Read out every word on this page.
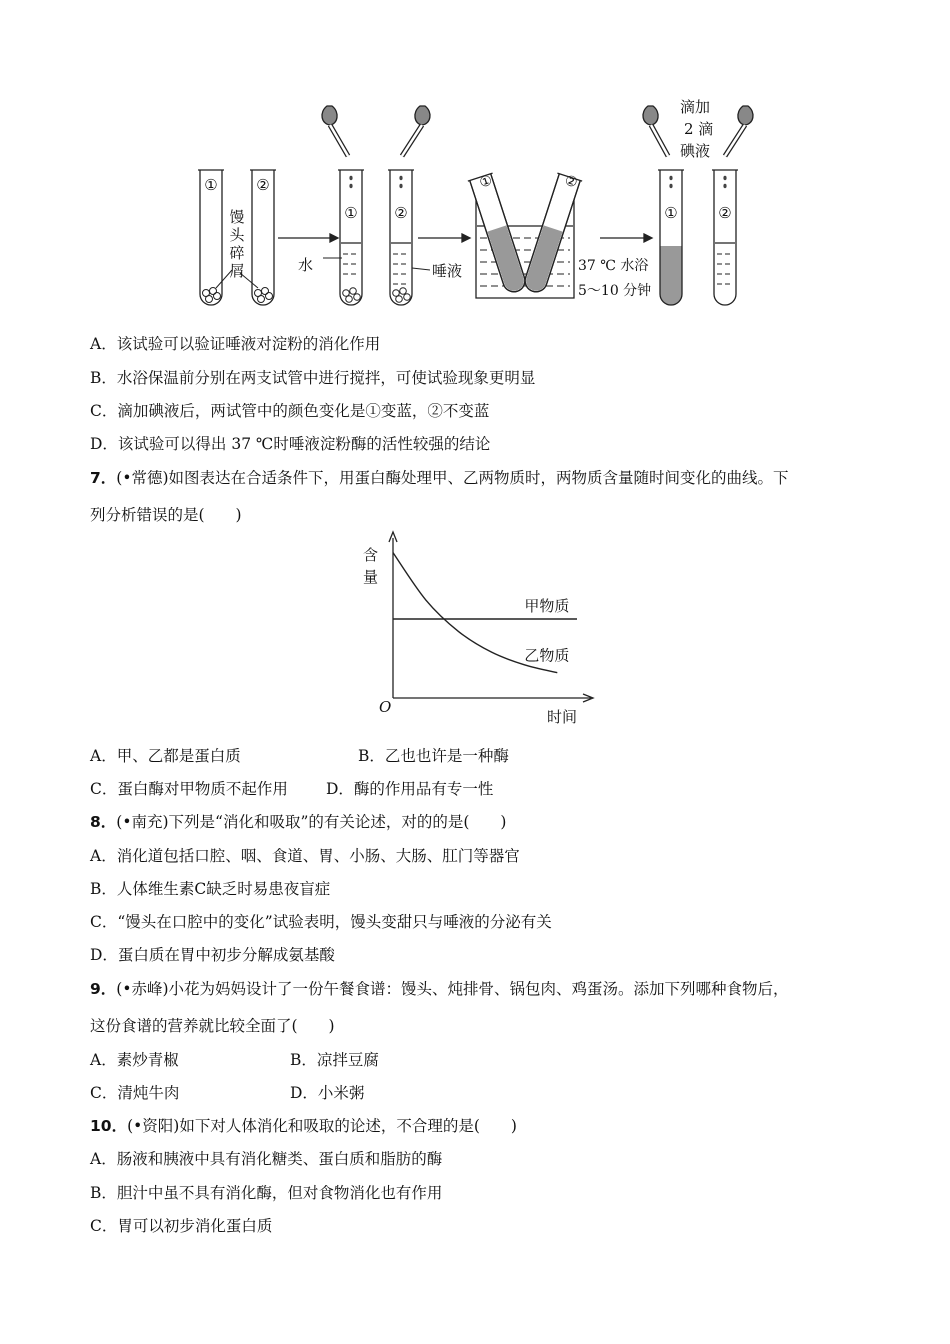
①	②
馒
头
碎
屑
① ②
水	唾液
①	②
37 ℃ 水浴
5～10 分钟
①	②
滴加
2 滴
碘液
A．该试验可以验证唾液对淀粉的消化作用
B．水浴保温前分别在两支试管中进行搅拌，可使试验现象更明显
C．滴加碘液后，两试管中的颜色变化是①变蓝，②不变蓝
D．该试验可以得出 37 ℃时唾液淀粉酶的活性较强的结论
7．(•常德)如图表达在合适条件下，用蛋白酶处理甲、乙两物质时，两物质含量随时间变化的曲线。下
列分析错误的是(　　)
含
量
时间
O
甲物质
乙物质
A．甲、乙都是蛋白质	B．乙也也许是一种酶
C．蛋白酶对甲物质不起作用 D．酶的作用品有专一性
8．(•南充)下列是“消化和吸取”的有关论述，对的的是(　　)
A．消化道包括口腔、咽、食道、胃、小肠、大肠、肛门等器官
B．人体维生素C缺乏时易患夜盲症
C．“馒头在口腔中的变化”试验表明，馒头变甜只与唾液的分泌有关
D．蛋白质在胃中初步分解成氨基酸
9．(•赤峰)小花为妈妈设计了一份午餐食谱：馒头、炖排骨、锅包肉、鸡蛋汤。添加下列哪种食物后，
这份食谱的营养就比较全面了(　　)
A．素炒青椒	B．凉拌豆腐
C．清炖牛肉	D．小米粥
10．(•资阳)如下对人体消化和吸取的论述，不合理的是(　　)
A．肠液和胰液中具有消化糖类、蛋白质和脂肪的酶
B．胆汁中虽不具有消化酶，但对食物消化也有作用
C．胃可以初步消化蛋白质
